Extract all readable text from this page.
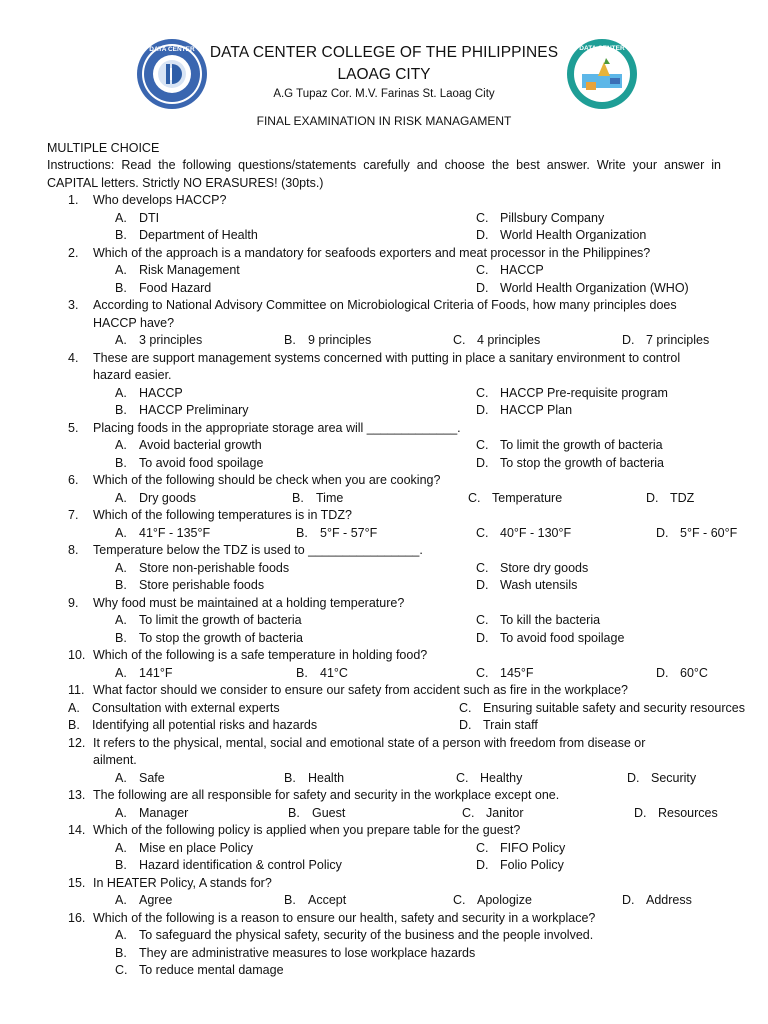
DATA CENTER	DATA CENTER
DATA CENTER COLLEGE OF THE PHILIPPINES
LAOAG CITY
A.G Tupaz Cor. M.V. Farinas St. Laoag City
FINAL EXAMINATION IN RISK MANAGAMENT
MULTIPLE CHOICE
Instructions: Read the following questions/statements carefully and choose the best answer. Write your answer in CAPITAL letters. Strictly NO ERASURES! (30pts.)
1.	Who develops HACCP?
A. DTI	C. Pillsbury Company
B. Department of Health	D. World Health Organization
2.	Which of the approach is a mandatory for seafoods exporters and meat processor in the Philippines?
A. Risk Management	C. HACCP
B. Food Hazard	D. World Health Organization (WHO)
3.	According to National Advisory Committee on Microbiological Criteria of Foods, how many principles does
HACCP have?
A. 3 principles	B. 9 principles	C. 4 principles	D. 7 principles
4.	These are support management systems concerned with putting in place a sanitary environment to control
hazard easier.
A. HACCP	C. HACCP Pre-requisite program
B. HACCP Preliminary	D. HACCP Plan
5.	Placing foods in the appropriate storage area will _____________.
A. Avoid bacterial growth	C. To limit the growth of bacteria
B. To avoid food spoilage	D. To stop the growth of bacteria
6.	Which of the following should be check when you are cooking?
A. Dry goods	B. Time	C. Temperature	D. TDZ
7.	Which of the following temperatures is in TDZ?
A. 41°F - 135°F	B. 5°F - 57°F	C. 40°F - 130°F	D. 5°F - 60°F
8.	Temperature below the TDZ is used to ________________.
A. Store non-perishable foods	C. Store dry goods
B. Store perishable foods	D. Wash utensils
9.	Why food must be maintained at a holding temperature?
A. To limit the growth of bacteria	C. To kill the bacteria
B. To stop the growth of bacteria	D. To avoid food spoilage
10. Which of the following is a safe temperature in holding food?
A. 141°F	B. 41°C	C. 145°F	D. 60°C
11. What factor should we consider to ensure our safety from accident such as fire in the workplace?
A. Consultation with external experts	C. Ensuring suitable safety and security resources
B. Identifying all potential risks and hazards	D. Train staff
12. It refers to the physical, mental, social and emotional state of a person with freedom from disease or
ailment.
A. Safe	B. Health	C. Healthy	D. Security
13. The following are all responsible for safety and security in the workplace except one.
A. Manager	B. Guest	C. Janitor	D. Resources
14. Which of the following policy is applied when you prepare table for the guest?
A. Mise en place Policy	C. FIFO Policy
B. Hazard identification & control Policy	D. Folio Policy
15. In HEATER Policy, A stands for?
A. Agree	B. Accept	C. Apologize	D. Address
16. Which of the following is a reason to ensure our health, safety and security in a workplace?
A. To safeguard the physical safety, security of the business and the people involved.
B. They are administrative measures to lose workplace hazards
C. To reduce mental damage
